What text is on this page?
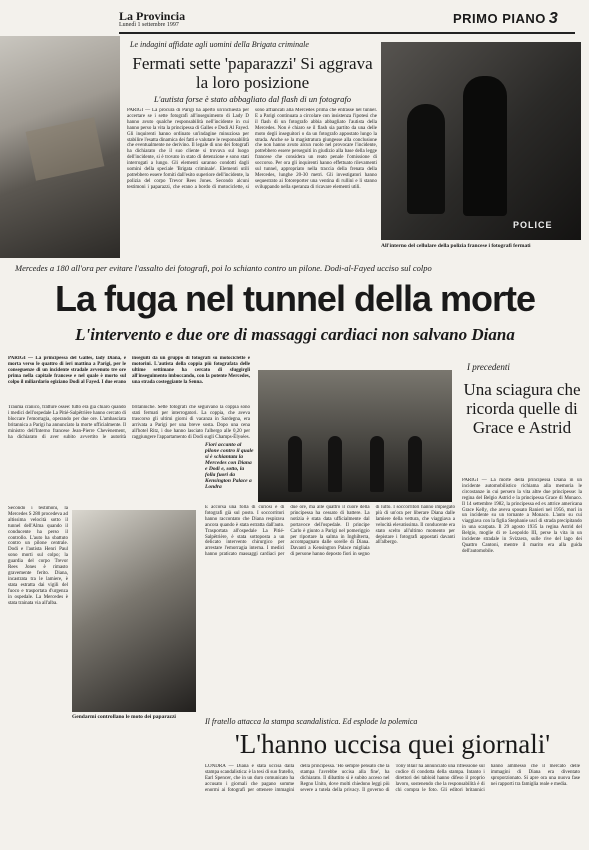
La Provincia
Lunedì 1 settembre 1997	PRIMO PIANO 3
Le indagini affidate agli uomini della Brigata criminale
Fermati sette 'paparazzi' Si aggrava la loro posizione
L'autista forse è stato abbagliato dal flash di un fotografo
PARIGI — La procura di Parigi ha aperto un'inchiesta per accertare se i sette fotografi all'inseguimento di Lady D hanno avuto qualche responsabilità nell'incidente in cui hanno perso la vita la principessa di Galles e Dodi Al Fayed. Gli inquirenti hanno ordinato un'indagine minuziosa per stabilire l'esatta dinamica dei fatti e valutare le responsabilità che eventualmente ne derivino. Il legale di uno dei fotografi ha dichiarato che il suo cliente si trovava sul luogo dell'incidente, si è trovato in stato di detenzione e sono stati interrogati a lungo. Gli elementi saranno condotti dagli uomini della speciale 'Brigata criminale'. Elementi utili potrebbero essere forniti dall'esito superiore dell'incidente, la polizia del corpo Trevor Rees Jones. Secondo alcuni testimoni i paparazzi, che erano a bordo di motociclette, si sono affiancati alla Mercedes prima che entrasse nel tunnel. E a Parigi continuata a circolare con insistenza l'ipotesi che il flash di un fotografo abbia abbagliato l'autista della Mercedes. Non è chiaro se il flash sia partito da una delle moto degli inseguitori o da un fotografo appostato lungo la strada. Anche se la magistratura giungesse alla conclusione che non hanno avuto alcun ruolo nel provocare l'incidente, potrebbero essere perseguiti in giudizio alla base della legge francese che considera un reato penale l'omissione di soccorso. Per ora gli inquirenti hanno effettuato rilevamenti sul tunnel, appropriato nella traccia della frenata della Mercedes, lunghe 20-30 metri. Gli investigatori hanno sequestrato ai fotoreporter una ventina di rullini e li stanno sviluppando nella speranza di ricavare elementi utili.
POLICE
All'interno del cellulare della polizia francese i fotografi fermati
Mercedes a 180 all'ora per evitare l'assalto dei fotografi, poi lo schianto contro un pilone. Dodi-al-Fayed ucciso sul colpo
La fuga nel tunnel della morte
L'intervento e due ore di massaggi cardiaci non salvano Diana
PARIGI — La principessa del Galles, lady Diana, è morta verso le quattro di ieri mattina a Parigi, per le conseguenze di un incidente stradale avvenuto tre ore prima nella capitale francese e nel quale è morto sul colpo il miliardario egiziano Dodi al Fayed. I due erano inseguiti da un gruppo di fotografi su motociclette e motorini. L'autista della coppia più fotografata delle ultime settimane ha cercato di sfuggirgli all'inseguimento imboccando, con la potente Mercedes, una strada costeggiante la Senna.
Trauma cranico, fratture ossee: tutto era già chiaro quando i medici dell'ospedale La Pitié-Salpêtrière hanno cercato di bloccare l'emorragia, operando per due ore. L'ambasciata britannica a Parigi ha annunciato la morte ufficialmente. Il ministro dell'Interno francese Jean-Pierre Chevènement, ha dichiarato di aver subito avvertito le autorità britanniche. Sette fotografi che seguivano la coppia sono stati fermati per interrogatori. La coppia, che aveva trascorso gli ultimi giorni di vacanza in Sardegna, era arrivata a Parigi per una breve sosta. Dopo una cena all'hotel Ritz, i due hanno lasciato l'albergo alle 0,20 per raggiungere l'appartamento di Dodi sugli Champs-Élysées.
Secondo i testimoni, la Mercedes S 280 procedeva ad altissima velocità sotto il tunnel dell'Alma quando il conducente ha perso il controllo. L'auto ha sbattuto contro un pilone centrale. Dodi e l'autista Henri Paul sono morti sul colpo; la guardia del corpo Trevor Rees Jones è rimasto gravemente ferito. Diana, incastrata tra le lamiere, è stata estratta dai vigili del fuoco e trasportata d'urgenza in ospedale. La Mercedes è stata trainata via all'alba.
Gendarmi controllano le moto dei paparazzi
Fiori accanto al pilone contro il quale si è schiantata la Mercedes con Diana e Dodi e, sotto, la folla fuori da Kensington Palace a Londra
È accorsa una folla di curiosi e di fotografi già sul posto. I soccorritori hanno raccontato che Diana respirava ancora quando è stata estratta dall'auto. Trasportata all'ospedale La Pitié-Salpêtrière, è stata sottoposta a un delicato intervento chirurgico per arrestare l'emorragia interna. I medici hanno praticato massaggi cardiaci per due ore, ma alle quattro il cuore della principessa ha cessato di battere. La notizia è stata data ufficialmente dal portavoce dell'ospedale. Il principe Carlo è giunto a Parigi nel pomeriggio per riportare la salma in Inghilterra, accompagnato dalle sorelle di Diana. Davanti a Kensington Palace migliaia di persone hanno deposto fiori in segno di lutto. I soccorritori hanno impiegato più di un'ora per liberare Diana dalle lamiere della vettura, che viaggiava a velocità elevatissima. Il conducente era stato scelto all'ultimo momento per depistare i fotografi appostati davanti all'albergo.
I precedenti
Una sciagura che ricorda quelle di Grace e Astrid
PARIGI — La morte della principessa Diana in un incidente automobilistico richiama alla memoria le circostanze in cui persero la vita altre due principesse: la regina del Belgio Astrid e la principessa Grace di Monaco. Il 14 settembre 1982, la principessa ed ex attrice americana Grace Kelly, che aveva sposato Ranieri nel 1956, morì in un incidente su un tornante a Monaco. L'auto su cui viaggiava con la figlia Stephanie uscì di strada precipitando in una scarpata. Il 29 agosto 1935 la regina Astrid del Belgio, moglie di re Leopoldo III, perse la vita in un incidente stradale in Svizzera, sulle rive del lago dei Quattro Cantoni, mentre il marito era alla guida dell'automobile.
Il fratello attacca la stampa scandalistica. Ed esplode la polemica
'L'hanno uccisa quei giornali'
LONDRA — Diana è stata uccisa dalla stampa scandalistica: è la tesi di suo fratello, Earl Spencer, che in un duro comunicato ha accusato i giornali che pagano somme enormi ai fotografi per ottenere immagini della principessa. 'Ho sempre pensato che la stampa l'avrebbe uccisa alla fine', ha dichiarato. Il dibattito si è subito acceso nel Regno Unito, dove molti chiedono leggi più severe a tutela della privacy. Il governo di Tony Blair ha annunciato una riflessione sul codice di condotta della stampa. Intanto i direttori dei tabloid hanno difeso il proprio lavoro, sostenendo che la responsabilità è di chi compra le foto. Gli editori britannici hanno ammesso che il mercato delle immagini di Diana era diventato sproporzionato. Si apre ora una nuova fase nei rapporti tra famiglia reale e media.
